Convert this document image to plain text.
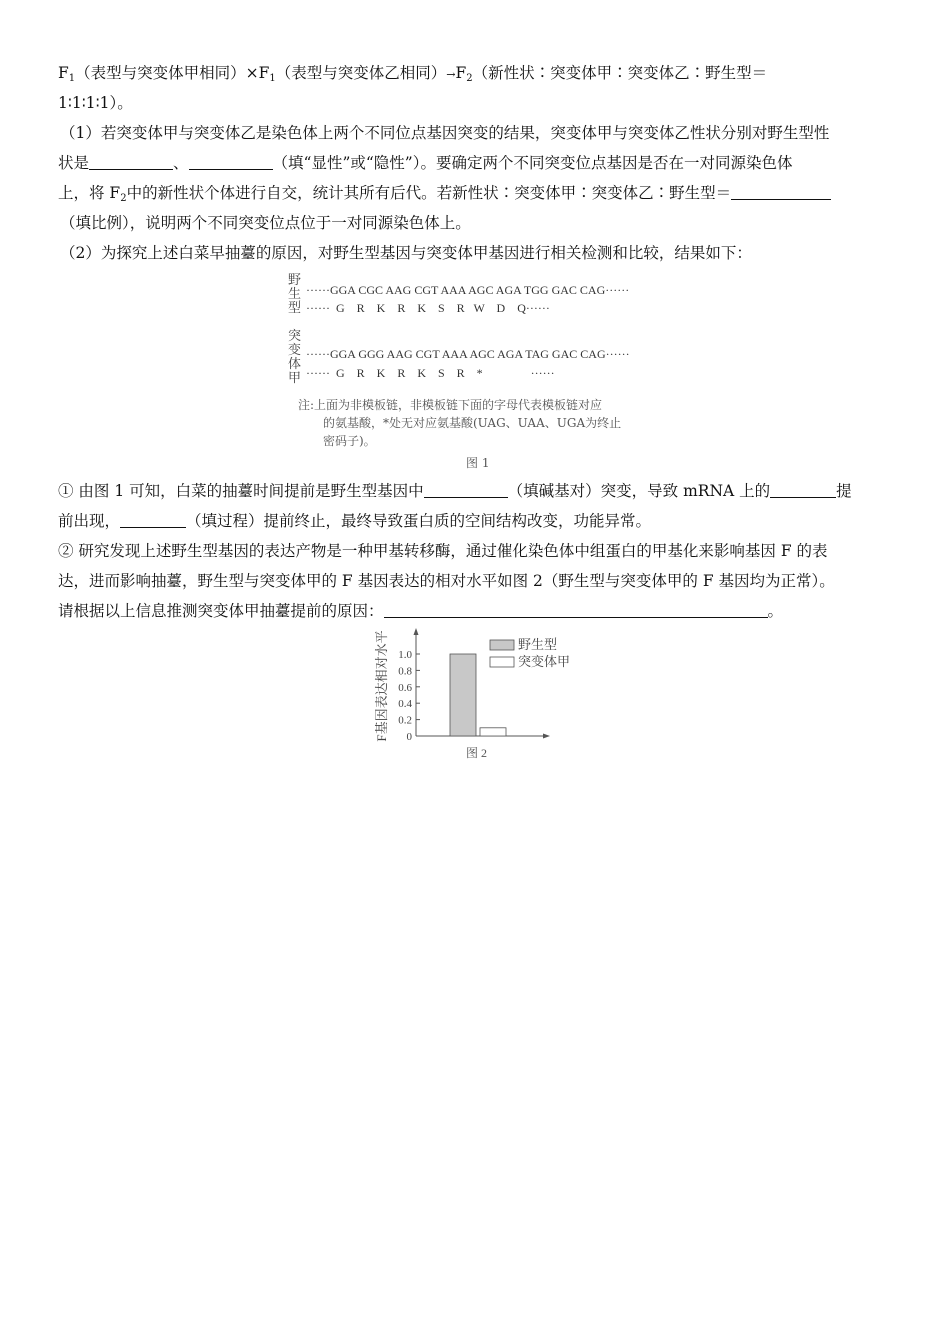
$F_1$（表型与突变体甲相同）$\times F_1$（表型与突变体乙相同）$\to F_2$（新性状∶突变体甲∶突变体乙∶野生型＝
1∶1∶1∶1）。
（1）若突变体甲与突变体乙是染色体上两个不同位点基因突变的结果，突变体甲与突变体乙性状分别对野生型性
状是	、	（填“显性”或“隐性”）。要确定两个不同突变位点基因是否在一对同源染色体
上，将 $F_2$中的新性状个体进行自交，统计其所有后代。若新性状∶突变体甲∶突变体乙∶野生型＝
（填比例），说明两个不同突变位点位于一对同源染色体上。
（2）为探究上述白菜早抽薹的原因，对野生型基因与突变体甲基因进行相关检测和比较，结果如下：
野
生
型
······GGA CGC AAG CGT AAA AGC AGA TGG GAC CAG······
······  G    R    K    R    K    S    R   W    D    Q······
突
变
体
甲
······GGA GGG AAG CGT AAA AGC AGA TAG GAC CAG······
······  G    R    K    R    K    S    R    *                ······
注:上面为非模板链，非模板链下面的字母代表模板链对应
的氨基酸，*处无对应氨基酸(UAG、UAA、UGA为终止
密码子)。
图 1
① 由图 1 可知，白菜的抽薹时间提前是野生型基因中	（填碱基对）突变，导致 mRNA 上的	提
前出现，	（填过程）提前终止，最终导致蛋白质的空间结构改变，功能异常。
② 研究发现上述野生型基因的表达产物是一种甲基转移酶，通过催化染色体中组蛋白的甲基化来影响基因 F 的表
达，进而影响抽薹，野生型与突变体甲的 F 基因表达的相对水平如图 2（野生型与突变体甲的 F 基因均为正常）。
请根据以上信息推测突变体甲抽薹提前的原因：	。
0
0.2
0.4
0.6
0.8
1.0
F基因表达相对水平	野生型
突变体甲
图 2
